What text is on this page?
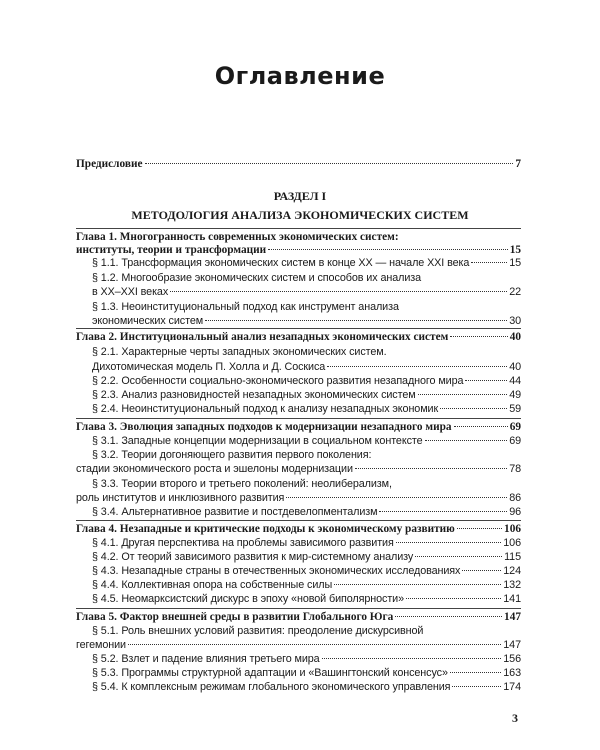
Оглавление
Предисловие	7
РАЗДЕЛ I
МЕТОДОЛОГИЯ АНАЛИЗА ЭКОНОМИЧЕСКИХ СИСТЕМ
Глава 1. Многогранность современных экономических систем:
институты, теории и трансформации	15
§ 1.1. Трансформация экономических систем в конце XX — начале XXI века	15
§ 1.2. Многообразие экономических систем и способов их анализа
в XX–XXI веках	22
§ 1.3. Неоинституциональный подход как инструмент анализа
экономических систем	30
Глава 2. Институциональный анализ незападных экономических систем	40
§ 2.1. Характерные черты западных экономических систем.
Дихотомическая модель П. Холла и Д. Соскиса	40
§ 2.2. Особенности социально-экономического развития незападного мира	44
§ 2.3. Анализ разновидностей незападных экономических систем	49
§ 2.4. Неоинституциональный подход к анализу незападных экономик	59
Глава 3. Эволюция западных подходов к модернизации незападного мира	69
§ 3.1. Западные концепции модернизации в социальном контексте	69
§ 3.2. Теории догоняющего развития первого поколения:
стадии экономического роста и эшелоны модернизации	78
§ 3.3. Теории второго и третьего поколений: неолиберализм,
роль институтов и инклюзивного развития	86
§ 3.4. Альтернативное развитие и постдевелопментализм	96
Глава 4. Незападные и критические подходы к экономическому развитию	106
§ 4.1. Другая перспектива на проблемы зависимого развития	106
§ 4.2. От теорий зависимого развития к мир-системному анализу	115
§ 4.3. Незападные страны в отечественных экономических исследованиях	124
§ 4.4. Коллективная опора на собственные силы	132
§ 4.5. Неомарксистский дискурс в эпоху «новой биполярности»	141
Глава 5. Фактор внешней среды в развитии Глобального Юга	147
§ 5.1. Роль внешних условий развития: преодоление дискурсивной
гегемонии	147
§ 5.2. Взлет и падение влияния третьего мира	156
§ 5.3. Программы структурной адаптации и «Вашингтонский консенсус»	163
§ 5.4. К комплексным режимам глобального экономического управления	174
3
